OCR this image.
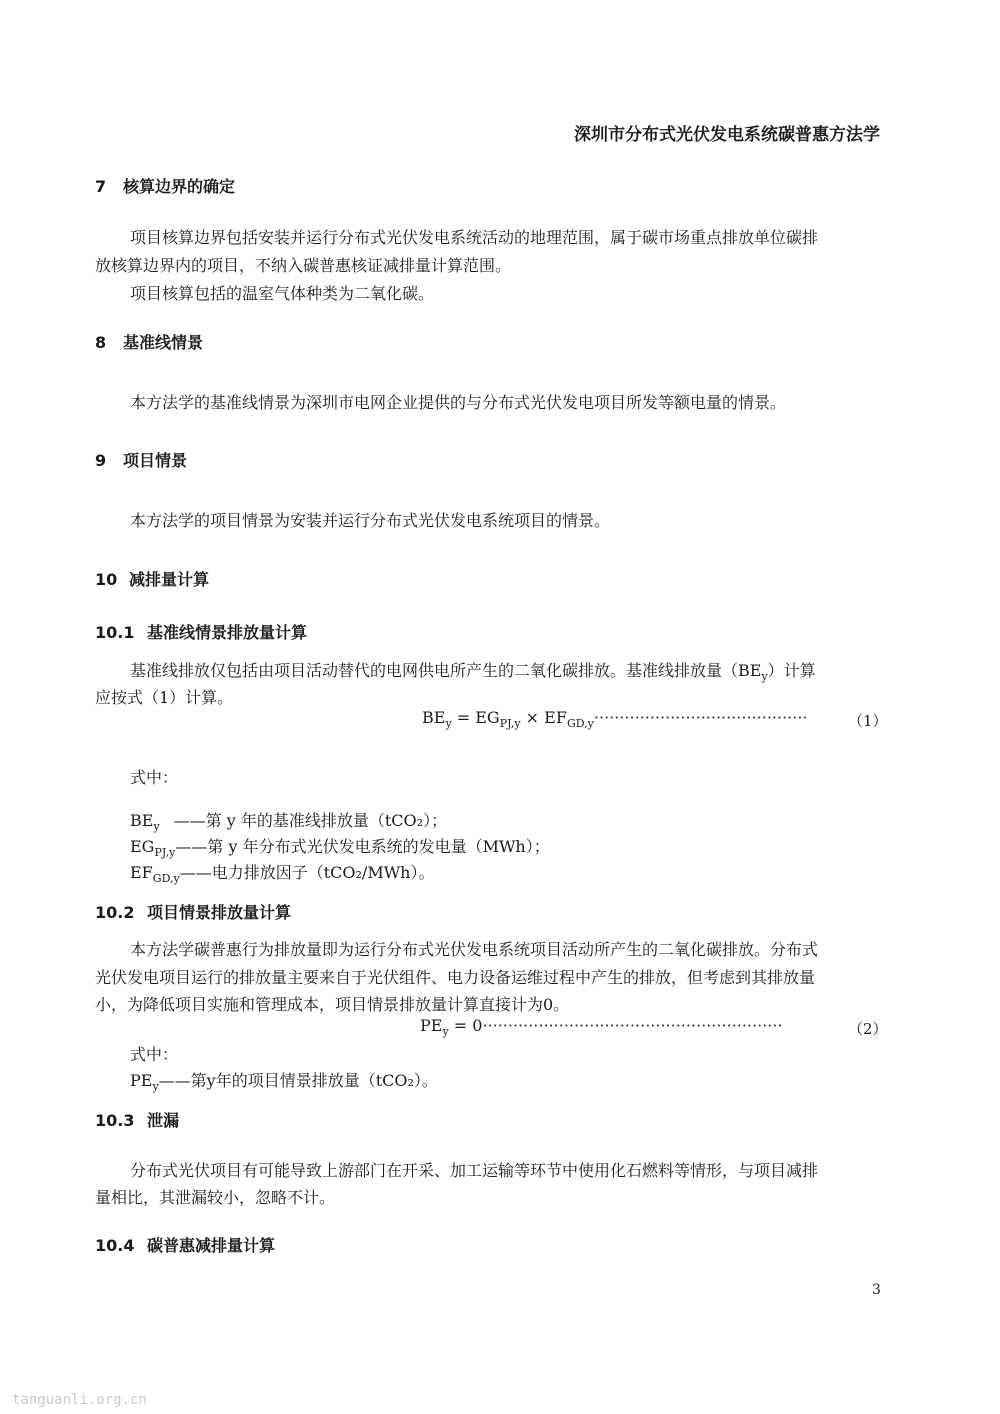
深圳市分布式光伏发电系统碳普惠方法学
7 核算边界的确定
项目核算边界包括安装并运行分布式光伏发电系统活动的地理范围，属于碳市场重点排放单位碳排
放核算边界内的项目，不纳入碳普惠核证减排量计算范围。
项目核算包括的温室气体种类为二氧化碳。
8 基准线情景
本方法学的基准线情景为深圳市电网企业提供的与分布式光伏发电项目所发等额电量的情景。
9 项目情景
本方法学的项目情景为安装并运行分布式光伏发电系统项目的情景。
10 减排量计算
10.1 基准线情景排放量计算
基准线排放仅包括由项目活动替代的电网供电所产生的二氧化碳排放。基准线排放量$(BE_y)$计算
应按式（1）计算。
$BE_y = EG_{PJ,y} \times EF_{GD,y}\cdot\cdot\cdot\cdot\cdot\cdot\cdot\cdot\cdot\cdot\cdot\cdot\cdot\cdot\cdot\cdot\cdot\cdot\cdot\cdot\cdot\cdot\cdot\cdot\cdot\cdot\cdot\cdot\cdot\cdot\cdot\cdot\cdot\cdot\cdot\cdot\cdot\cdot\cdot\cdot\cdot\cdot$	（1）
式中：
$BE_y$ ——第 y 年的基准线排放量（tCO₂）；
$EG_{PJ,y}——$第 y 年分布式光伏发电系统的发电量（MWh）；
$EF_{GD,y}——$电力排放因子（tCO₂/MWh）。
10.2 项目情景排放量计算
本方法学碳普惠行为排放量即为运行分布式光伏发电系统项目活动所产生的二氧化碳排放。分布式
光伏发电项目运行的排放量主要来自于光伏组件、电力设备运维过程中产生的排放，但考虑到其排放量
小，为降低项目实施和管理成本，项目情景排放量计算直接计为0。
$PE_y = 0\cdot\cdot\cdot\cdot\cdot\cdot\cdot\cdot\cdot\cdot\cdot\cdot\cdot\cdot\cdot\cdot\cdot\cdot\cdot\cdot\cdot\cdot\cdot\cdot\cdot\cdot\cdot\cdot\cdot\cdot\cdot\cdot\cdot\cdot\cdot\cdot\cdot\cdot\cdot\cdot\cdot\cdot\cdot\cdot\cdot\cdot\cdot\cdot\cdot\cdot\cdot\cdot\cdot\cdot\cdot\cdot\cdot\cdot\cdot$	（2）
式中：
$PE_y——$第y年的项目情景排放量（tCO₂）。
10.3 泄漏
分布式光伏项目有可能导致上游部门在开采、加工运输等环节中使用化石燃料等情形，与项目减排
量相比，其泄漏较小，忽略不计。
10.4 碳普惠减排量计算
3
tanguanli.org.cn
